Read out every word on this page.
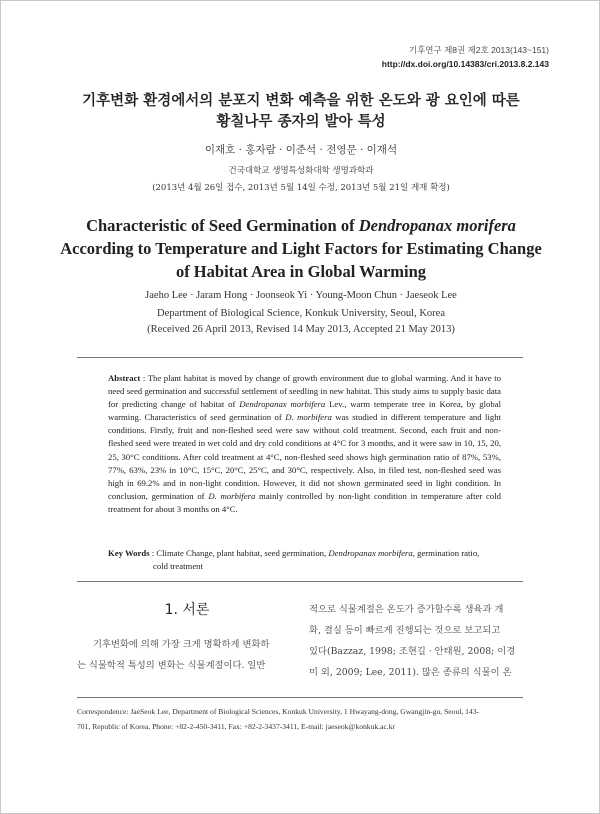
기후연구 제8권 제2호 2013(143~151)
http://dx.doi.org/10.14383/cri.2013.8.2.143
기후변화 환경에서의 분포지 변화 예측을 위한 온도와 광 요인에 따른
황칠나무 종자의 발아 특성
이재호 · 홍자람 · 이준석 · 전영문 · 이재석
건국대학교 생명특성화대학 생명과학과
(2013년 4월 26일 접수, 2013년 5월 14일 수정, 2013년 5월 21일 게재 확정)
Characteristic of Seed Germination of Dendropanax morifera
According to Temperature and Light Factors for Estimating Change
of Habitat Area in Global Warming
Jaeho Lee · Jaram Hong · Joonseok Yi · Young-Moon Chun · Jaeseok Lee
Department of Biological Science, Konkuk University, Seoul, Korea
(Received 26 April 2013, Revised 14 May 2013, Accepted 21 May 2013)
Abstract : The plant habitat is moved by change of growth environment due to global warming. And it have to need seed germination and successful settlement of seedling in new habitat. This study aims to supply basic data for predicting change of habitat of Dendropanax morbifera Lev., warm temperate tree in Korea, by global warming. Characteristics of seed germination of D. morbifera was studied in different temperature and light conditions. Firstly, fruit and non-fleshed seed were saw without cold treatment. Second, each fruit and non-fleshed seed were treated in wet cold and dry cold conditions at 4°C for 3 months, and it were saw in 10, 15, 20, 25, 30°C conditions. After cold treatment at 4°C, non-fleshed seed shows high germination ratio of 87%, 53%, 77%, 63%, 23% in 10°C, 15°C, 20°C, 25°C, and 30°C, respectively. Also, in filed test, non-fleshed seed was high in 69.2% and in non-light condition. However, it did not shown germinated seed in light condition. In conclusion, germination of D. morbifera mainly controlled by non-light condition in temperature after cold treatment for about 3 months on 4°C.
Key Words : Climate Change, plant habitat, seed germination, Dendropanax morbifera, germination ratio,
cold treatment
1. 서론
기후변화에 의해 가장 크게 명확하게 변화하
는 식물학적 특성의 변화는 식물계절이다. 일반
적으로 식물계절은 온도가 증가할수록 생육과 개
화, 결실 등이 빠르게 진행되는 것으로 보고되고
있다(Bazzaz, 1998; 조현길 · 안태원, 2008; 이경
미 외, 2009; Lee, 2011). 많은 종류의 식물이 온
Correspondence: JaeSeok Lee, Department of Biological Sciences, Konkuk University, 1 Hwayang-dong, Gwangjin-gu, Seoul, 143-
701, Republic of Korea, Phone: +82-2-450-3411, Fax: +82-2-3437-3411, E-mail: jaeseok@konkuk.ac.kr
